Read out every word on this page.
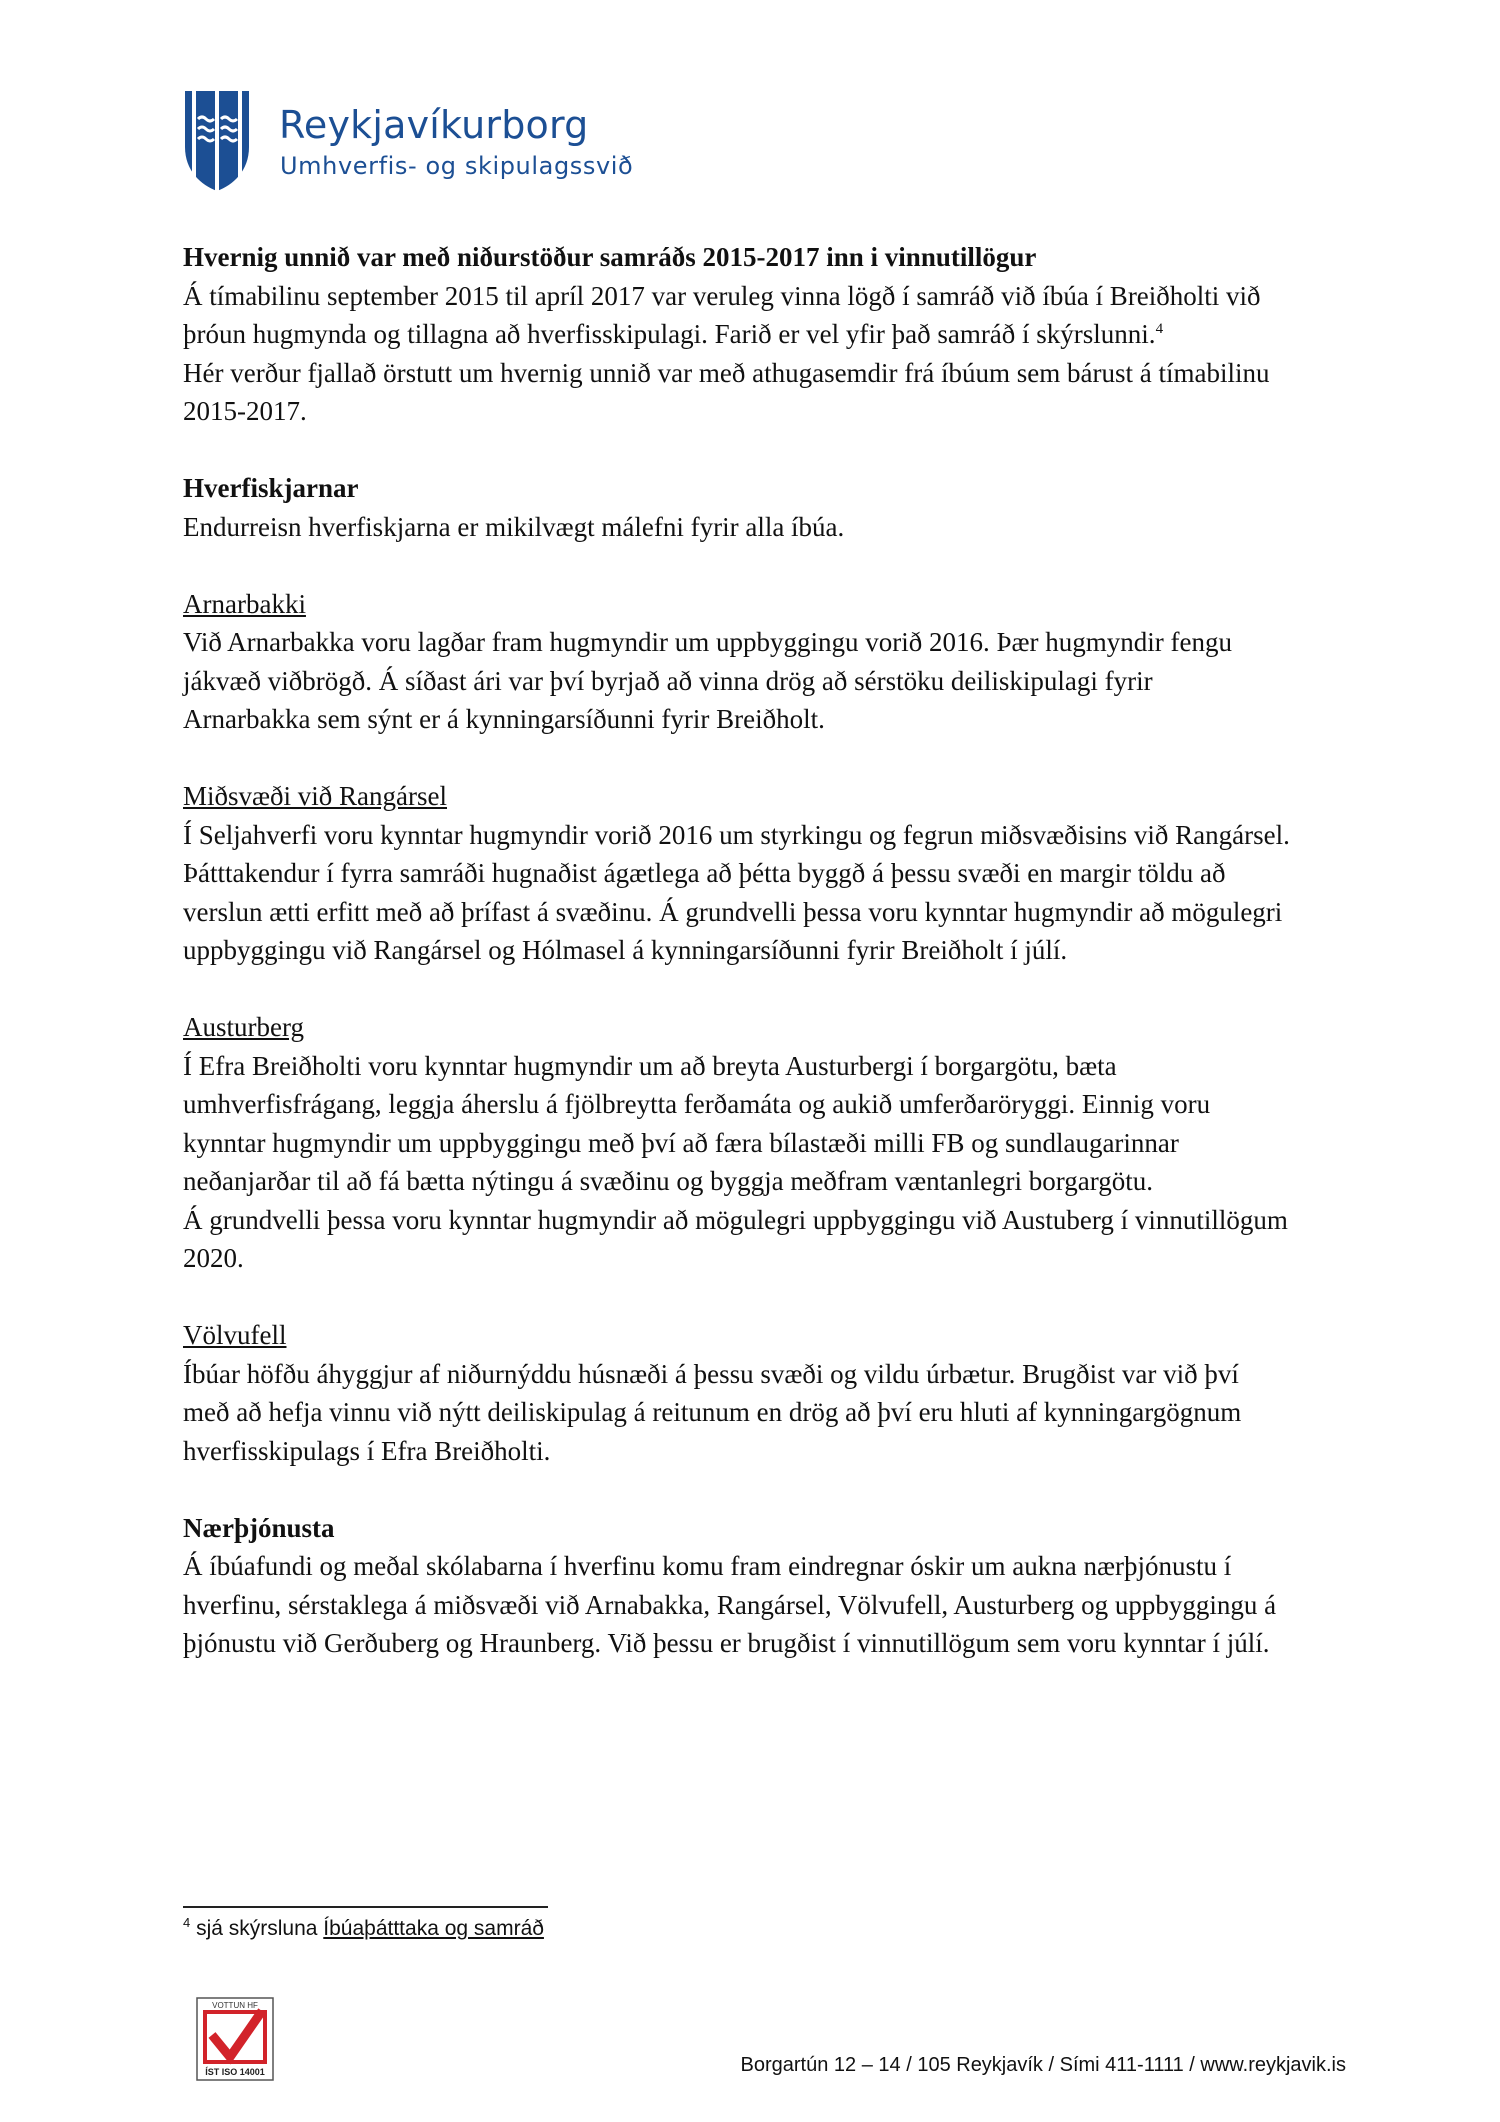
Reykjavíkurborg
Umhverfis- og skipulagssvið
Hvernig unnið var með niðurstöður samráðs 2015-2017 inn i vinnutillögur
Á tímabilinu september 2015 til apríl 2017 var veruleg vinna lögð í samráð við íbúa í Breiðholti við
þróun hugmynda og tillagna að hverfisskipulagi. Farið er vel yfir það samráð í skýrslunni.$^4$
Hér verður fjallað örstutt um hvernig unnið var með athugasemdir frá íbúum sem bárust á tímabilinu
2015-2017.
Hverfiskjarnar
Endurreisn hverfiskjarna er mikilvægt málefni fyrir alla íbúa.
Arnarbakki
Við Arnarbakka voru lagðar fram hugmyndir um uppbyggingu vorið 2016. Þær hugmyndir fengu
jákvæð viðbrögð. Á síðast ári var því byrjað að vinna drög að sérstöku deiliskipulagi fyrir
Arnarbakka sem sýnt er á kynningarsíðunni fyrir Breiðholt.
Miðsvæði við Rangársel
Í Seljahverfi voru kynntar hugmyndir vorið 2016 um styrkingu og fegrun miðsvæðisins við Rangársel.
Þátttakendur í fyrra samráði hugnaðist ágætlega að þétta byggð á þessu svæði en margir töldu að
verslun ætti erfitt með að þrífast á svæðinu. Á grundvelli þessa voru kynntar hugmyndir að mögulegri
uppbyggingu við Rangársel og Hólmasel á kynningarsíðunni fyrir Breiðholt í júlí.
Austurberg
Í Efra Breiðholti voru kynntar hugmyndir um að breyta Austurbergi í borgargötu, bæta
umhverfisfrágang, leggja áherslu á fjölbreytta ferðamáta og aukið umferðaröryggi. Einnig voru
kynntar hugmyndir um uppbyggingu með því að færa bílastæði milli FB og sundlaugarinnar
neðanjarðar til að fá bætta nýtingu á svæðinu og byggja meðfram væntanlegri borgargötu.
Á grundvelli þessa voru kynntar hugmyndir að mögulegri uppbyggingu við Austuberg í vinnutillögum
2020.
Völvufell
Íbúar höfðu áhyggjur af niðurnýddu húsnæði á þessu svæði og vildu úrbætur. Brugðist var við því
með að hefja vinnu við nýtt deiliskipulag á reitunum en drög að því eru hluti af kynningargögnum
hverfisskipulags í Efra Breiðholti.
Nærþjónusta
Á íbúafundi og meðal skólabarna í hverfinu komu fram eindregnar óskir um aukna nærþjónustu í
hverfinu, sérstaklega á miðsvæði við Arnabakka, Rangársel, Völvufell, Austurberg og uppbyggingu á
þjónustu við Gerðuberg og Hraunberg. Við þessu er brugðist í vinnutillögum sem voru kynntar í júlí.
$^4$ sjá skýrsluna Íbúaþátttaka og samráð
VOTTUN HF
ÍST ISO 14001	Borgartún 12 – 14 / 105 Reykjavík / Sími 411-1111 / www.reykjavik.is
